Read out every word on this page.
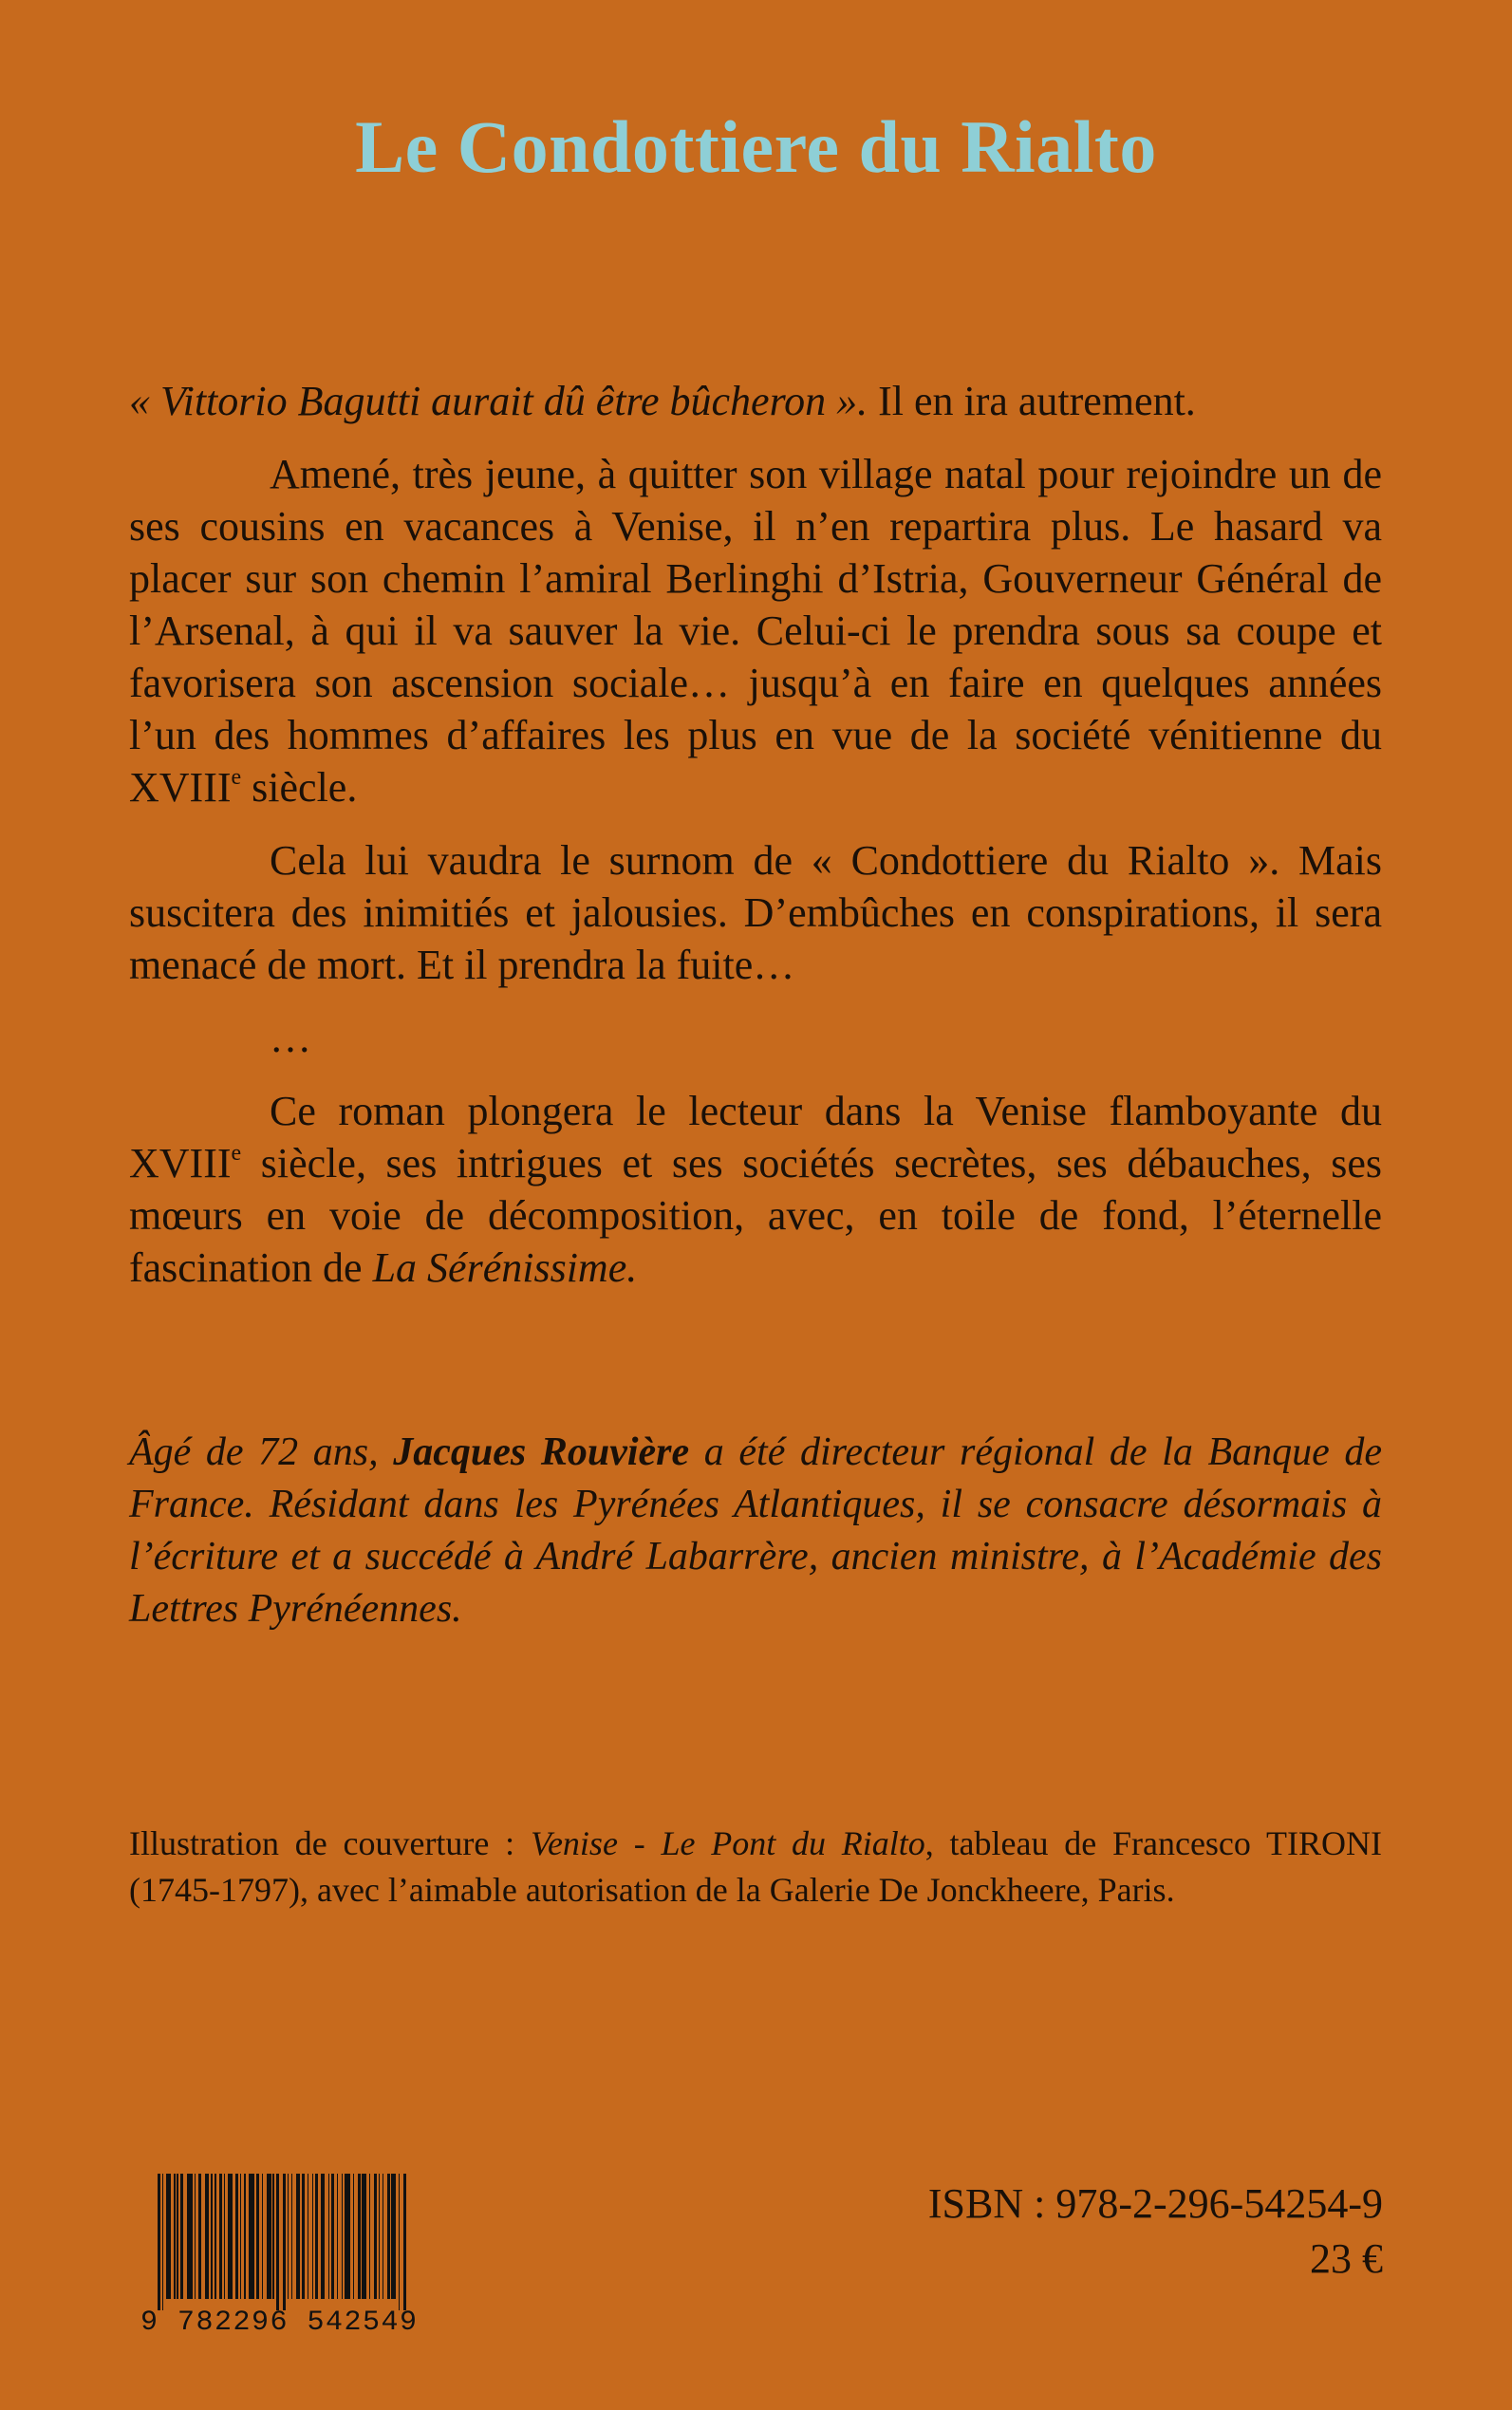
Le Condottiere du Rialto

« Vittorio Bagutti aurait dû être bûcheron ». Il en ira autrement.

Amené, très jeune, à quitter son village natal pour rejoindre un de ses cousins en vacances à Venise, il n’en repartira plus. Le hasard va placer sur son chemin l’amiral Berlinghi d’Istria, Gouverneur Général de l’Arsenal, à qui il va sauver la vie. Celui-ci le prendra sous sa coupe et favorisera son ascension sociale… jusqu’à en faire en quelques années l’un des hommes d’affaires les plus en vue de la société vénitienne du XVIIIe siècle.

Cela lui vaudra le surnom de « Condottiere du Rialto ». Mais suscitera des inimitiés et jalousies. D’embûches en conspirations, il sera menacé de mort. Et il prendra la fuite…

…

Ce roman plongera le lecteur dans la Venise flamboyante du XVIIIe siècle, ses intrigues et ses sociétés secrètes, ses débauches, ses mœurs en voie de décomposition, avec, en toile de fond, l’éternelle fascination de La Sérénissime.

Âgé de 72 ans, Jacques Rouvière a été directeur régional de la Banque de France. Résidant dans les Pyrénées Atlantiques, il se consacre désormais à l’écriture et a succédé à André Labarrère, ancien ministre, à l’Académie des Lettres Pyrénéennes.

Illustration de couverture : Venise - Le Pont du Rialto, tableau de Francesco TIRONI (1745-1797), avec l’aimable autorisation de la Galerie De Jonckheere, Paris.

9 782296 542549
ISBN : 978-2-296-54254-9
23 €
